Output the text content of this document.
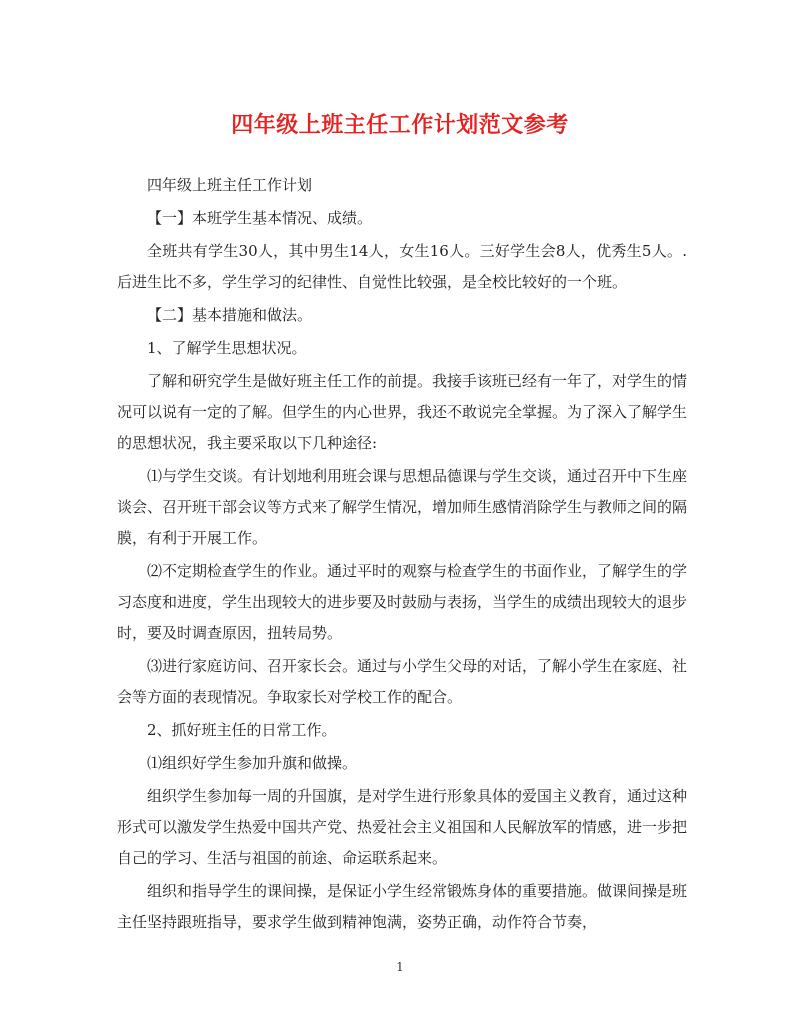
四年级上班主任工作计划范文参考

四年级上班主任工作计划

【一】本班学生基本情况、成绩。

全班共有学生30人，其中男生14人，女生16人。三好学生会8人，优秀生5人。. 后进生比不多，学生学习的纪律性、自觉性比较强，是全校比较好的一个班。

【二】基本措施和做法。

1、了解学生思想状况。

了解和研究学生是做好班主任工作的前提。我接手该班已经有一年了，对学生的情况可以说有一定的了解。但学生的内心世界，我还不敢说完全掌握。为了深入了解学生的思想状况，我主要采取以下几种途径:

⑴与学生交谈。有计划地利用班会课与思想品德课与学生交谈，通过召开中下生座谈会、召开班干部会议等方式来了解学生情况，增加师生感情消除学生与教师之间的隔膜，有利于开展工作。

⑵不定期检查学生的作业。通过平时的观察与检查学生的书面作业，了解学生的学习态度和进度，学生出现较大的进步要及时鼓励与表扬，当学生的成绩出现较大的退步时，要及时调查原因，扭转局势。

⑶进行家庭访问、召开家长会。通过与小学生父母的对话，了解小学生在家庭、社会等方面的表现情况。争取家长对学校工作的配合。

2、抓好班主任的日常工作。

⑴组织好学生参加升旗和做操。

组织学生参加每一周的升国旗，是对学生进行形象具体的爱国主义教育，通过这种形式可以激发学生热爱中国共产党、热爱社会主义祖国和人民解放军的情感，进一步把自己的学习、生活与祖国的前途、命运联系起来。

组织和指导学生的课间操，是保证小学生经常锻炼身体的重要措施。做课间操是班主任坚持跟班指导，要求学生做到精神饱满，姿势正确，动作符合节奏，

1
